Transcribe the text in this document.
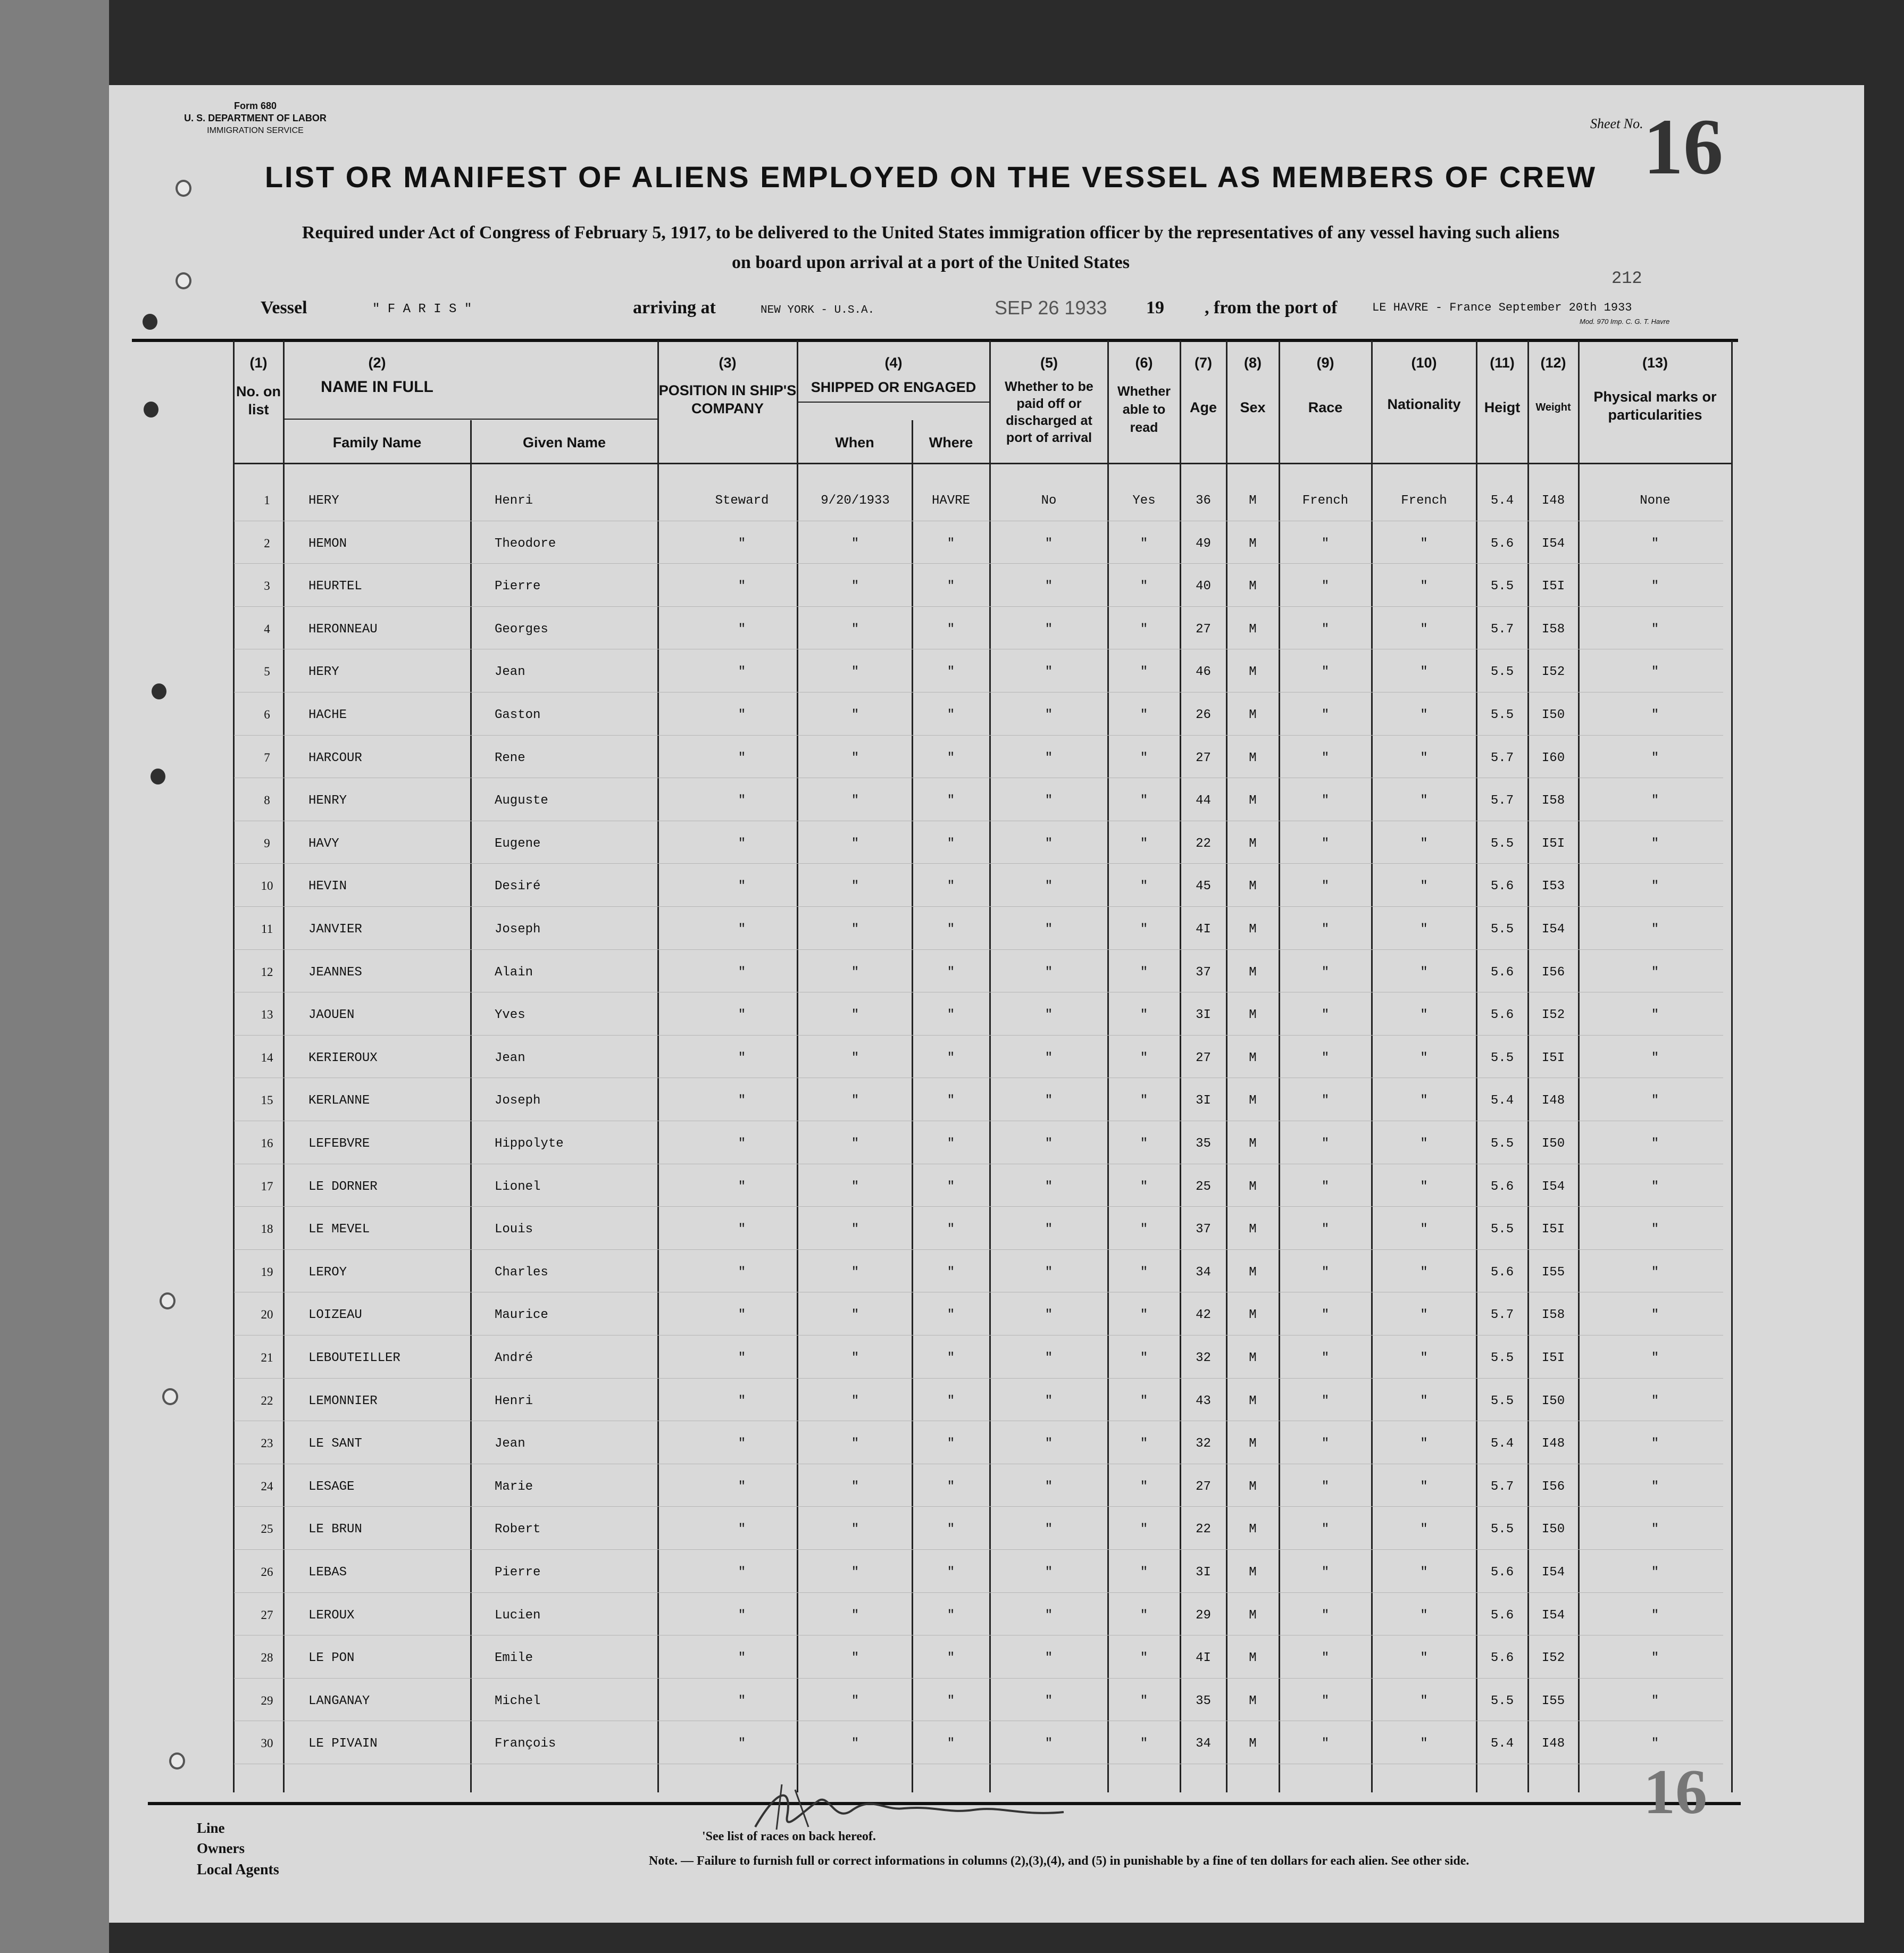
Form 680
U. S. DEPARTMENT OF LABOR
IMMIGRATION SERVICE	Sheet No. 16
LIST OR MANIFEST OF ALIENS EMPLOYED ON THE VESSEL AS MEMBERS OF CREW
Required under Act of Congress of February 5, 1917, to be delivered to the United States immigration officer by the representatives of any vessel having such aliens
on board upon arrival at a port of the United States
212
Vessel	" F A R I S "	arriving at	NEW YORK - U.S.A.	SEP 26 1933 19 , from the port of	LE HAVRE - France September 20th 1933
Mod. 970 Imp. C. G. T. Havre
(1)
No. on list
(2)
NAME IN FULL
Family Name	Given Name
(3)
POSITION IN SHIP'S COMPANY
(4)
SHIPPED OR ENGAGED
When	Where
(5)
Whether to be paid off or discharged at port of arrival
(6)
Whether able to read
(7)
Age
(8)
Sex
(9)
Race
(10)
Nationality
(11)
Heigt
(12)
Weight
(13)
Physical marks or particularities
1	HERY	Henri	Steward	9/20/1933	HAVRE	No	Yes	36	M	French	French	5.4	I48	None
2	HEMON	Theodore	"	"	"	"	"	49	M	"	"	5.6	I54	"
3	HEURTEL	Pierre	"	"	"	"	"	40	M	"	"	5.5	I5I	"
4	HERONNEAU	Georges	"	"	"	"	"	27	M	"	"	5.7	I58	"
5	HERY	Jean	"	"	"	"	"	46	M	"	"	5.5	I52	"
6	HACHE	Gaston	"	"	"	"	"	26	M	"	"	5.5	I50	"
7	HARCOUR	Rene	"	"	"	"	"	27	M	"	"	5.7	I60	"
8	HENRY	Auguste	"	"	"	"	"	44	M	"	"	5.7	I58	"
9	HAVY	Eugene	"	"	"	"	"	22	M	"	"	5.5	I5I	"
10	HEVIN	Desiré	"	"	"	"	"	45	M	"	"	5.6	I53	"
11	JANVIER	Joseph	"	"	"	"	"	4I	M	"	"	5.5	I54	"
12	JEANNES	Alain	"	"	"	"	"	37	M	"	"	5.6	I56	"
13	JAOUEN	Yves	"	"	"	"	"	3I	M	"	"	5.6	I52	"
14	KERIEROUX	Jean	"	"	"	"	"	27	M	"	"	5.5	I5I	"
15	KERLANNE	Joseph	"	"	"	"	"	3I	M	"	"	5.4	I48	"
16	LEFEBVRE	Hippolyte	"	"	"	"	"	35	M	"	"	5.5	I50	"
17	LE DORNER	Lionel	"	"	"	"	"	25	M	"	"	5.6	I54	"
18	LE MEVEL	Louis	"	"	"	"	"	37	M	"	"	5.5	I5I	"
19	LEROY	Charles	"	"	"	"	"	34	M	"	"	5.6	I55	"
20	LOIZEAU	Maurice	"	"	"	"	"	42	M	"	"	5.7	I58	"
21	LEBOUTEILLER	André	"	"	"	"	"	32	M	"	"	5.5	I5I	"
22	LEMONNIER	Henri	"	"	"	"	"	43	M	"	"	5.5	I50	"
23	LE SANT	Jean	"	"	"	"	"	32	M	"	"	5.4	I48	"
24	LESAGE	Marie	"	"	"	"	"	27	M	"	"	5.7	I56	"
25	LE BRUN	Robert	"	"	"	"	"	22	M	"	"	5.5	I50	"
26	LEBAS	Pierre	"	"	"	"	"	3I	M	"	"	5.6	I54	"
27	LEROUX	Lucien	"	"	"	"	"	29	M	"	"	5.6	I54	"
28	LE PON	Emile	"	"	"	"	"	4I	M	"	"	5.6	I52	"
29	LANGANAY	Michel	"	"	"	"	"	35	M	"	"	5.5	I55	"
30	LE PIVAIN	François	"	"	"	"	"	34	M	"	"	5.4	I48	"
Line
Owners
Local Agents
'See list of races on back hereof.
Note. — Failure to furnish full or correct informations in columns (2),(3),(4), and (5) in punishable by a fine of ten dollars for each alien. See other side.
16
